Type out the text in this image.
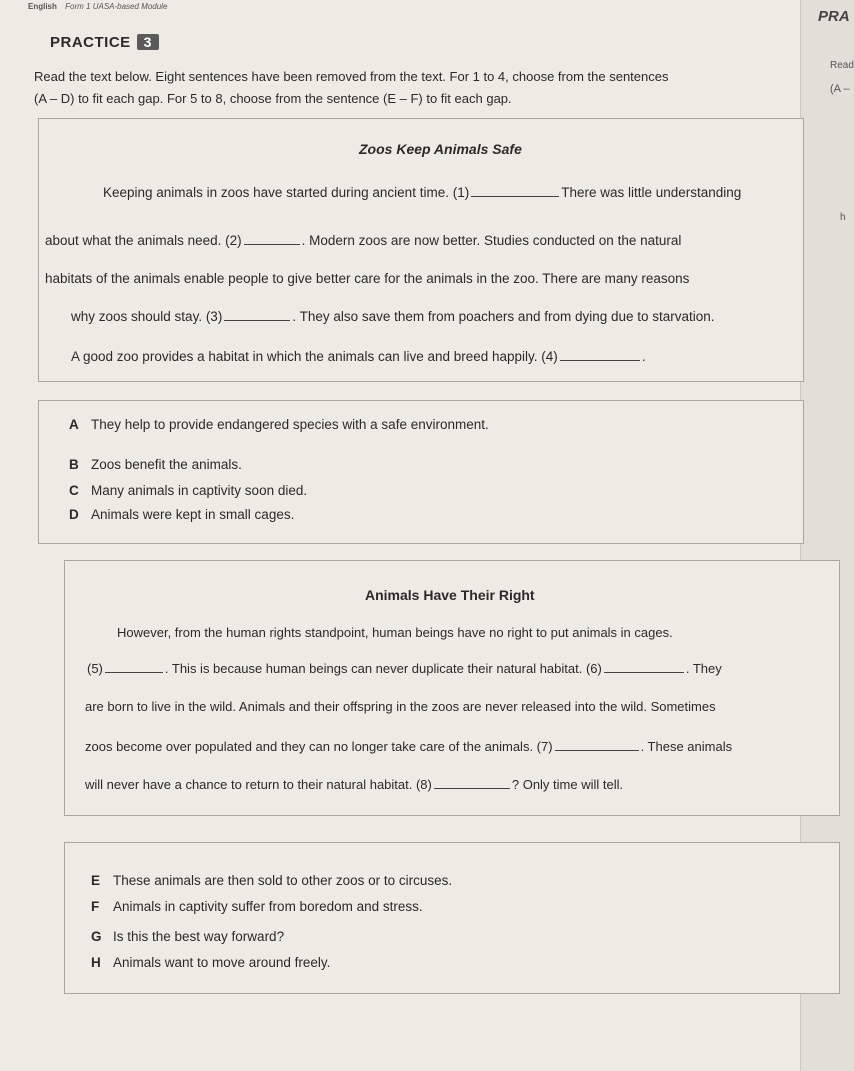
English Form 1 UASA-based Module
PRACTICE 3
PRA
Read
(A –
h
Read the text below. Eight sentences have been removed from the text. For 1 to 4, choose from the sentences
(A – D) to fit each gap. For 5 to 8, choose from the sentence (E – F) to fit each gap.
Zoos Keep Animals Safe
Keeping animals in zoos have started during ancient time. (1)	There was little understanding
about what the animals need. (2)	. Modern zoos are now better. Studies conducted on the natural
habitats of the animals enable people to give better care for the animals in the zoo. There are many reasons
why zoos should stay. (3)	. They also save them from poachers and from dying due to starvation.
A good zoo provides a habitat in which the animals can live and breed happily. (4)	.
A They help to provide endangered species with a safe environment.
B Zoos benefit the animals.
C Many animals in captivity soon died.
D Animals were kept in small cages.
Animals Have Their Right
However, from the human rights standpoint, human beings have no right to put animals in cages.
(5)	. This is because human beings can never duplicate their natural habitat. (6)	. They
are born to live in the wild. Animals and their offspring in the zoos are never released into the wild. Sometimes
zoos become over populated and they can no longer take care of the animals. (7)	. These animals
will never have a chance to return to their natural habitat. (8)	? Only time will tell.
E These animals are then sold to other zoos or to circuses.
F Animals in captivity suffer from boredom and stress.
G Is this the best way forward?
H Animals want to move around freely.
